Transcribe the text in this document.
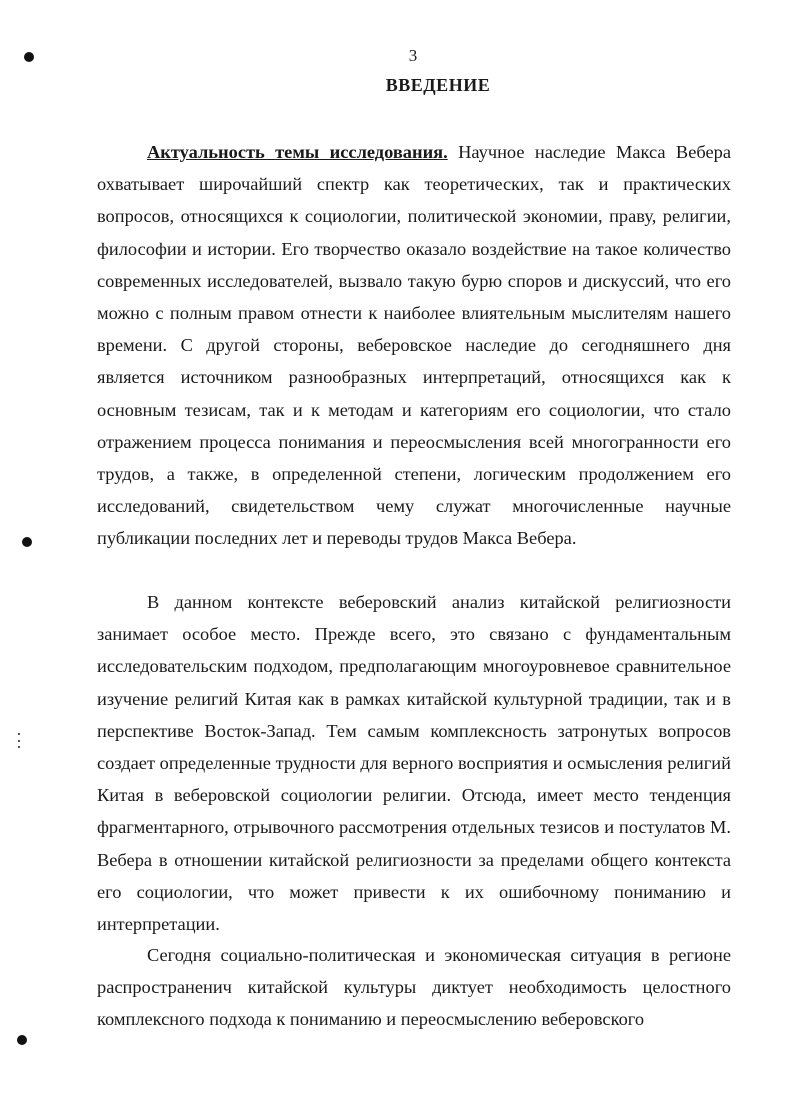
3
ВВЕДЕНИЕ

Актуальность темы исследования. Научное наследие Макса Вебера охватывает широчайший спектр как теоретических, так и практических вопросов, относящихся к социологии, политической экономии, праву, религии, философии и истории. Его творчество оказало воздействие на такое количество современных исследователей, вызвало такую бурю споров и дискуссий, что его можно с полным правом отнести к наиболее влиятельным мыслителям нашего времени. С другой стороны, веберовское наследие до сегодняшнего дня является источником разнообразных интерпретаций, относящихся как к основным тезисам, так и к методам и категориям его социологии, что стало отражением процесса понимания и переосмысления всей многогранности его трудов, а также, в определенной степени, логическим продолжением его исследований, свидетельством чему служат многочисленные научные публикации последних лет и переводы трудов Макса Вебера.

В данном контексте веберовский анализ китайской религиозности занимает особое место. Прежде всего, это связано с фундаментальным исследовательским подходом, предполагающим многоуровневое сравнительное изучение религий Китая как в рамках китайской культурной традиции, так и в перспективе Восток-Запад. Тем самым комплексность затронутых вопросов создает определенные трудности для верного восприятия и осмысления религий Китая в веберовской социологии религии. Отсюда, имеет место тенденция фрагментарного, отрывочного рассмотрения отдельных тезисов и постулатов М. Вебера в отношении китайской религиозности за пределами общего контекста его социологии, что может привести к их ошибочному пониманию и интерпретации.

Сегодня социально-политическая и экономическая ситуация в регионе распространенич китайской культуры диктует необходимость целостного комплексного подхода к пониманию и переосмыслению веберовского
